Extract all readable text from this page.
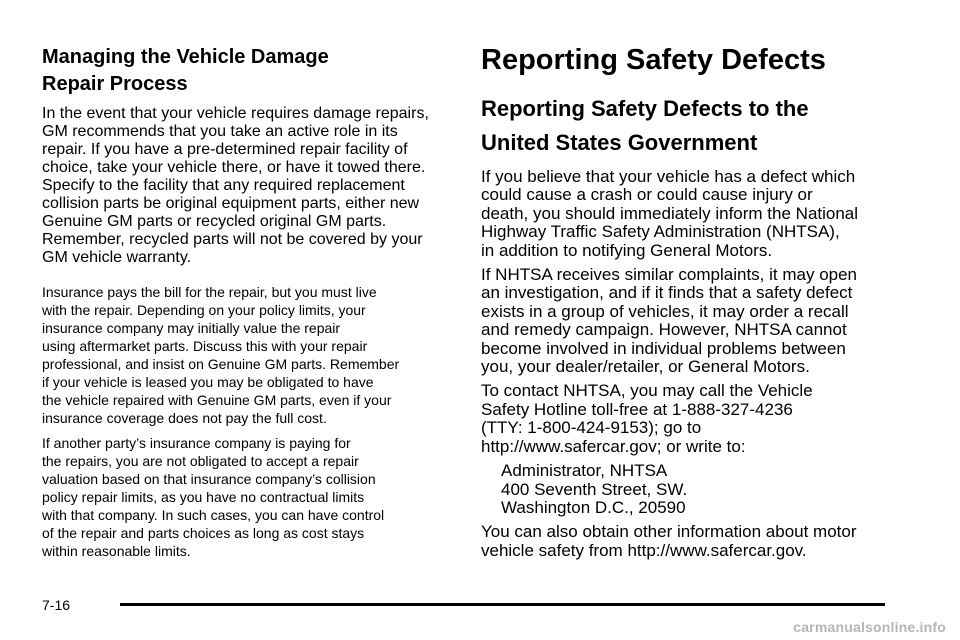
Managing the Vehicle Damage
Repair Process

In the event that your vehicle requires damage repairs,
GM recommends that you take an active role in its
repair. If you have a pre-determined repair facility of
choice, take your vehicle there, or have it towed there.
Specify to the facility that any required replacement
collision parts be original equipment parts, either new
Genuine GM parts or recycled original GM parts.
Remember, recycled parts will not be covered by your
GM vehicle warranty.

Insurance pays the bill for the repair, but you must live
with the repair. Depending on your policy limits, your
insurance company may initially value the repair
using aftermarket parts. Discuss this with your repair
professional, and insist on Genuine GM parts. Remember
if your vehicle is leased you may be obligated to have
the vehicle repaired with Genuine GM parts, even if your
insurance coverage does not pay the full cost.
If another party’s insurance company is paying for
the repairs, you are not obligated to accept a repair
valuation based on that insurance company’s collision
policy repair limits, as you have no contractual limits
with that company. In such cases, you can have control
of the repair and parts choices as long as cost stays
within reasonable limits.
Reporting Safety Defects
Reporting Safety Defects to the
United States Government
If you believe that your vehicle has a defect which
could cause a crash or could cause injury or
death, you should immediately inform the National
Highway Traffic Safety Administration (NHTSA),
in addition to notifying General Motors.
If NHTSA receives similar complaints, it may open
an investigation, and if it finds that a safety defect
exists in a group of vehicles, it may order a recall
and remedy campaign. However, NHTSA cannot
become involved in individual problems between
you, your dealer/retailer, or General Motors.
To contact NHTSA, you may call the Vehicle
Safety Hotline toll-free at 1-888-327-4236
(TTY: 1-800-424-9153); go to
http://www.safercar.gov; or write to:
Administrator, NHTSA
400 Seventh Street, SW.
Washington D.C., 20590
You can also obtain other information about motor
vehicle safety from http://www.safercar.gov.
7-16
carmanualsonline.info
